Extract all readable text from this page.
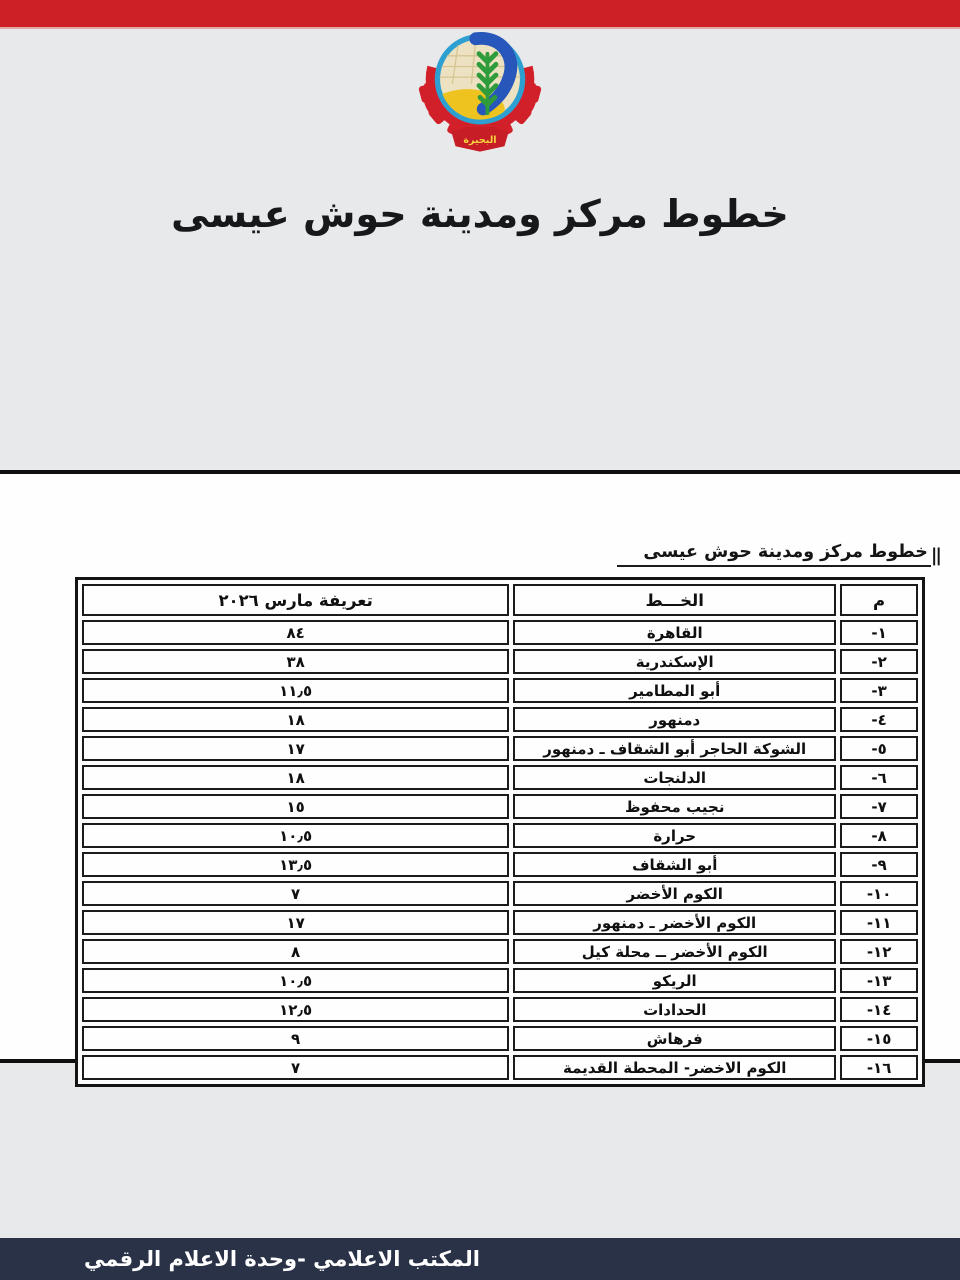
البحيرة
خطوط مركز ومدينة حوش عيسى
خطوط مركز ومدينة حوش عيسى ||
م	الخـــط	تعريفة مارس ٢٠٢٦
١-	القاهرة	٨٤
٢-	الإسكندرية	٣٨
٣-	أبو المطامير	١١٫٥
٤-	دمنهور	١٨
٥-	الشوكة الحاجر أبو الشقاف ـ دمنهور	١٧
٦-	الدلنجات	١٨
٧-	نجيب محفوظ	١٥
٨-	حرارة	١٠٫٥
٩-	أبو الشقاف	١٣٫٥
١٠-	الكوم الأخضر	٧
١١-	الكوم الأخضر ـ دمنهور	١٧
١٢-	الكوم الأخضر ــ محلة كيل	٨
١٣-	الريكو	١٠٫٥
١٤-	الحدادات	١٢٫٥
١٥-	فرهاش	٩
١٦-	الكوم الاخضر- المحطة القديمة	٧
المكتب الاعلامي -وحدة الاعلام الرقمي
